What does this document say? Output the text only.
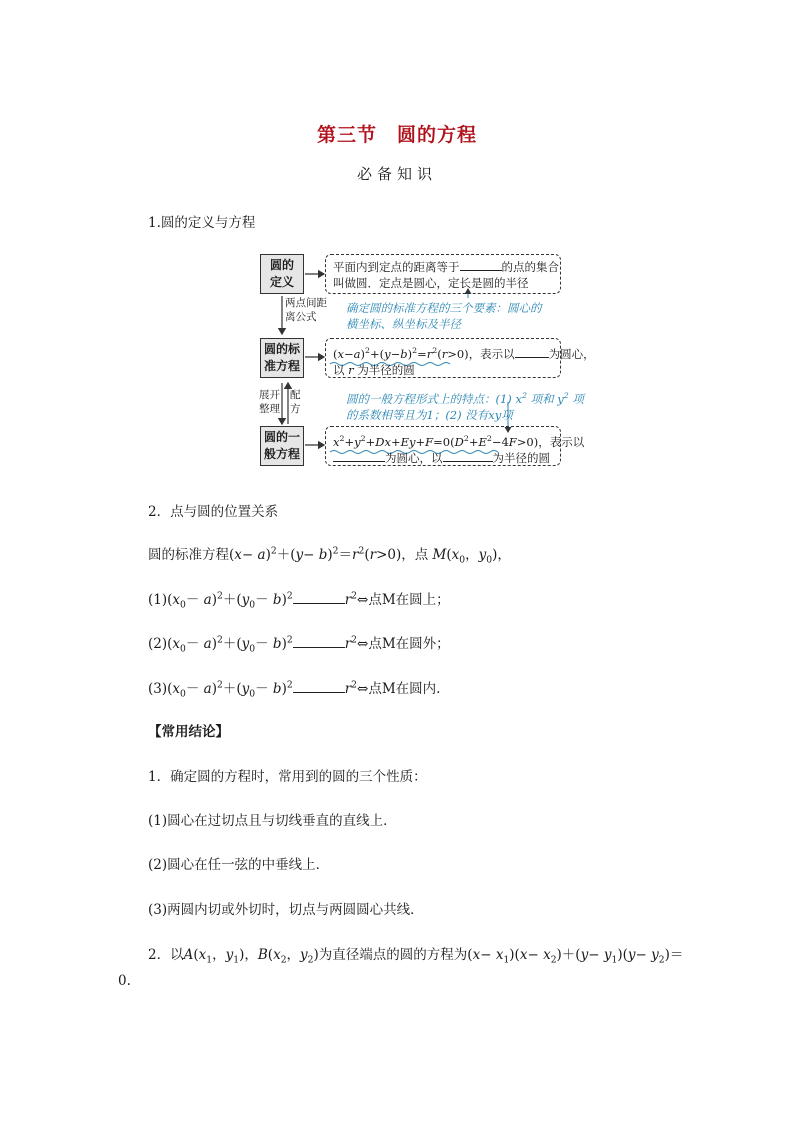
第三节　圆的方程
必备知识
1.圆的定义与方程
圆的定义
圆的标准方程
圆的一般方程
两点间距离公式
展开整理
配方
平面内到定点的距离等于	的点的集合
叫做圆．定点是圆心，定长是圆的半径
确定圆的标准方程的三个要素：圆心的
横坐标、纵坐标及半径
$(x-a)^2+(y-b)^2=r^2(r>0)$，表示以	为圆心，
以 r 为半径的圆
圆的一般方程形式上的特点：(1) $x^2$ 项和 $y^2$ 项
的系数相等且为1；(2) 没有xy项
$x^2+y^2+Dx+Ey+F=0(D^2+E^2-4F>0)$，表示以
为圆心，以	为半径的圆
2．点与圆的位置关系
圆的标准方程$(x- a)^2+(y- b)^2=r^2(r>0)$，点 $M(x_0$，$y_0$)，
$(1)(x_0- a)^2+(y_0- b)^2$	$r^2\Leftrightarrow$点M在圆上；
$(2)(x_0- a)^2+(y_0- b)^2$	$r^2\Leftrightarrow$点M在圆外；
$(3)(x_0- a)^2+(y_0- b)^2$	$r^2\Leftrightarrow$点M在圆内.
【常用结论】
1．确定圆的方程时，常用到的圆的三个性质：
(1)圆心在过切点且与切线垂直的直线上．
(2)圆心在任一弦的中垂线上．
(3)两圆内切或外切时，切点与两圆圆心共线．
2．以$A(x_1$，$y_1$)，$B(x_2$，$y_2$)为直径端点的圆的方程为$(x- x_1)(x- x_2)+(y- y_1)(y- y_2)=$
0.
